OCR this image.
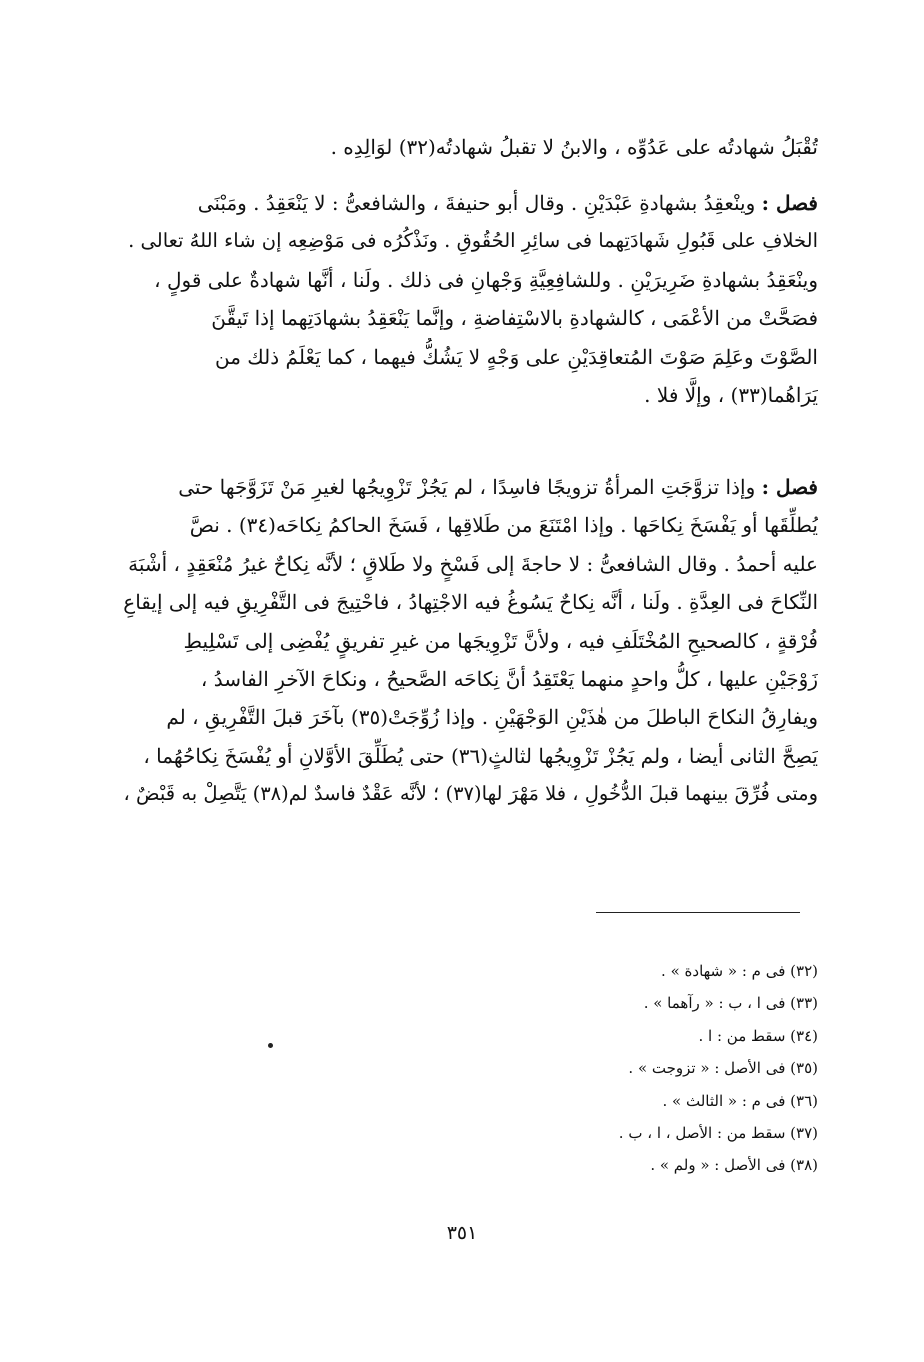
تُقْبَلُ شهادتُه على عَدُوِّه ، والابنُ لا تقبلُ شهادتُه(٣٢) لوَالِدِه .
فصل : وينْعقِدُ بشهادةِ عَبْدَيْنِ . وقال أبو حنيفةَ ، والشافعىُّ : لا يَنْعَقِدُ . ومَبْنَى
الخلافِ على قَبُولِ شَهادَتِهما فى سائِرِ الحُقُوقِ . ونَذْكُرُه فى مَوْضِعِه إن شاء اللهُ تعالى .
وينْعَقِدُ بشهادةِ ضَرِيرَيْنِ . وللشافِعِيَّةِ وَجْهانِ فى ذلك . ولَنا ، أنَّها شهادةٌ على قولٍ ،
فصَحَّتْ من الأعْمَى ، كالشهادةِ بالاسْتِفاضةِ ، وإنَّما يَنْعَقِدُ بشهادَتِهما إذا تَيقَّنَ
الصَّوْتَ وعَلِمَ صَوْتَ المُتعاقِدَيْنِ على وَجْهٍ لا يَشُكُّ فيهما ، كما يَعْلَمُ ذلك من
يَرَاهُما(٣٣) ، وإلَّا فلا .
فصل : وإذا تزوَّجَتِ المرأةُ تزويجًا فاسِدًا ، لم يَجُزْ تَزْوِيجُها لغيرِ مَنْ تَزَوَّجَها حتى
يُطلِّقَها أو يَفْسَخَ نِكاحَها . وإذا امْتَنَعَ من طَلاقِها ، فَسَخَ الحاكمُ نِكاحَه(٣٤) . نصَّ
عليه أحمدُ . وقال الشافعىُّ : لا حاجةَ إلى فَسْخٍ ولا طَلاقٍ ؛ لأنَّه نِكاحٌ غيرُ مُنْعَقِدٍ ، أشْبَهَ
النِّكاحَ فى العِدَّةِ . ولَنا ، أنَّه نِكاحٌ يَسُوغُ فيه الاجْتِهادُ ، فاحْتِيجَ فى التَّفْرِيقِ فيه إلى إيقاعِ
فُرْقةٍ ، كالصحيحِ المُخْتَلَفِ فيه ، ولأنَّ تَزْوِيجَها من غيرِ تفريقٍ يُفْضِى إلى تَسْلِيطِ
زَوْجَيْنِ عليها ، كلُّ واحدٍ منهما يَعْتَقِدُ أنَّ نِكاحَه الصَّحيحُ ، ونكاحَ الآخرِ الفاسدُ ،
ويفارِقُ النكاحَ الباطلَ من هٰذَيْنِ الوَجْهَيْنِ . وإذا زُوِّجَتْ(٣٥) بآخَرَ قبلَ التَّفْرِيقِ ، لم
يَصِحَّ الثانى أيضا ، ولم يَجُزْ تَزْوِيجُها لثالثٍ(٣٦) حتى يُطَلِّقَ الأوَّلانِ أو يُفْسَخَ نِكاحُهُما ،
ومتى فُرِّقَ بينهما قبلَ الدُّخُولِ ، فلا مَهْرَ لها(٣٧) ؛ لأنَّه عَقْدٌ فاسدٌ لم(٣٨) يَتَّصِلْ به قَبْضٌ ،
(٣٢) فى م : « شهادة » .
(٣٣) فى ا ، ب : « رآهما » .
(٣٤) سقط من : ا .
(٣٥) فى الأصل : « تزوجت » .
(٣٦) فى م : « الثالث » .
(٣٧) سقط من : الأصل ، ا ، ب .
(٣٨) فى الأصل : « ولم » .
٣٥١
